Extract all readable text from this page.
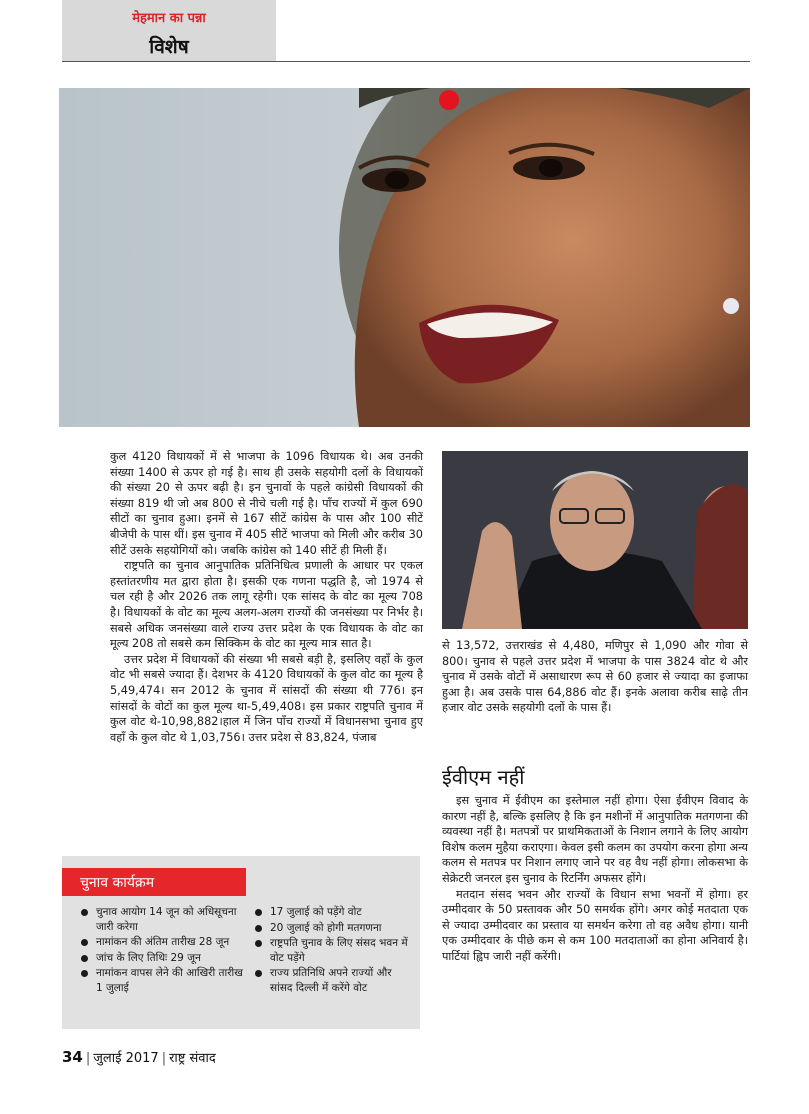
मेहमान का पन्ना
विशेष

कुल 4120 विधायकों में से भाजपा के 1096 विधायक थे। अब उनकी संख्या 1400 से ऊपर हो गई है। साथ ही उसके सहयोगी दलों के विधायकों की संख्या 20 से ऊपर बढ़ी है। इन चुनावों के पहले कांग्रेसी विधायकों की संख्या 819 थी जो अब 800 से नीचे चली गई है। पाँच राज्यों में कुल 690 सीटों का चुनाव हुआ। इनमें से 167 सीटें कांग्रेस के पास और 100 सीटें बीजेपी के पास थीं। इस चुनाव में 405 सीटें भाजपा को मिली और करीब 30 सीटें उसके सहयोगियों को। जबकि कांग्रेस को 140 सीटें ही मिली हैं।

राष्ट्रपति का चुनाव आनुपातिक प्रतिनिधित्व प्रणाली के आधार पर एकल हस्तांतरणीय मत द्वारा होता है। इसकी एक गणना पद्धति है, जो 1974 से चल रही है और 2026 तक लागू रहेगी। एक सांसद के वोट का मूल्य 708 है। विधायकों के वोट का मूल्य अलग-अलग राज्यों की जनसंख्या पर निर्भर है। सबसे अधिक जनसंख्या वाले राज्य उत्तर प्रदेश के एक विधायक के वोट का मूल्य 208 तो सबसे कम सिक्किम के वोट का मूल्य मात्र सात है।

उत्तर प्रदेश में विधायकों की संख्या भी सबसे बड़ी है, इसलिए वहाँ के कुल वोट भी सबसे ज्यादा हैं। देशभर के 4120 विधायकों के कुल वोट का मूल्य है 5,49,474। सन 2012 के चुनाव में सांसदों की संख्या थी 776। इन सांसदों के वोटों का कुल मूल्य था-5,49,408। इस प्रकार राष्ट्रपति चुनाव में कुल वोट थे-10,98,882।हाल में जिन पाँच राज्यों में विधानसभा चुनाव हुए वहाँ के कुल वोट थे 1,03,756। उत्तर प्रदेश से 83,824, पंजाब

से 13,572, उत्तराखंड से 4,480, मणिपुर से 1,090 और गोवा से 800। चुनाव से पहले उत्तर प्रदेश में भाजपा के पास 3824 वोट थे और चुनाव में उसके वोटों में असाधारण रूप से 60 हजार से ज्यादा का इजाफा हुआ है। अब उसके पास 64,886 वोट हैं। इनके अलावा करीब साढ़े तीन हजार वोट उसके सहयोगी दलों के पास हैं।

ईवीएम नहीं

इस चुनाव में ईवीएम का इस्तेमाल नहीं होगा। ऐसा ईवीएम विवाद के कारण नहीं है, बल्कि इसलिए है कि इन मशीनों में आनुपातिक मतगणना की व्यवस्था नहीं है। मतपत्रों पर प्राथमिकताओं के निशान लगाने के लिए आयोग विशेष कलम मुहैया कराएगा। केवल इसी कलम का उपयोग करना होगा अन्य कलम से मतपत्र पर निशान लगाए जाने पर वह वैध नहीं होगा। लोकसभा के सेक्रेटरी जनरल इस चुनाव के रिटर्निंग अफसर होंगे।

मतदान संसद भवन और राज्यों के विधान सभा भवनों में होगा। हर उम्मीदवार के 50 प्रस्तावक और 50 समर्थक होंगे। अगर कोई मतदाता एक से ज्यादा उम्मीदवार का प्रस्ताव या समर्थन करेगा तो वह अवैध होगा। यानी एक उम्मीदवार के पीछे कम से कम 100 मतदाताओं का होना अनिवार्य है। पार्टियां ह्विप जारी नहीं करेंगी।

चुनाव कार्यक्रम
चुनाव आयोग 14 जून को अधिसूचना जारी करेगा
नामांकन की अंतिम तारीख 28 जून
जांच के लिए तिथिः 29 जून
नामांकन वापस लेने की आखिरी तारीख 1 जुलाई
17 जुलाई को पड़ेंगे वोट
20 जुलाई को होगी मतगणना
राष्ट्रपति चुनाव के लिए संसद भवन में वोट पड़ेंगे
राज्य प्रतिनिधि अपने राज्यों और सांसद दिल्ली में करेंगे वोट
34 | जुलाई 2017 | राष्ट्र संवाद
